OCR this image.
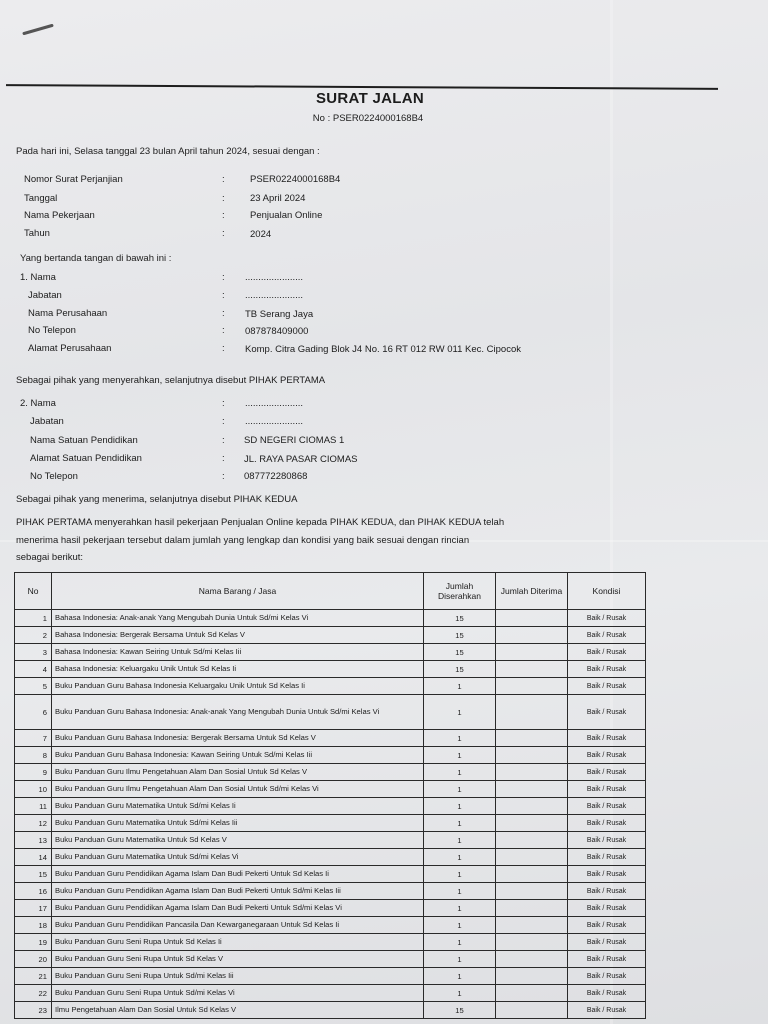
SURAT JALAN
No : PSER0224000168B4
Pada hari ini, Selasa tanggal 23 bulan April tahun 2024, sesuai dengan :
Nomor Surat Perjanjian	:	PSER0224000168B4
Tanggal	:	23 April 2024
Nama Pekerjaan	:	Penjualan Online
Tahun	:	2024
Yang bertanda tangan di bawah ini :
1. Nama	: ......................
Jabatan	: ......................
Nama Perusahaan	: TB Serang Jaya
No Telepon	: 087878409000
Alamat Perusahaan	: Komp. Citra Gading Blok J4 No. 16 RT 012 RW 011 Kec. Cipocok
Sebagai pihak yang menyerahkan, selanjutnya disebut PIHAK PERTAMA
2. Nama	: ......................
Jabatan	: ......................
Nama Satuan Pendidikan	: SD NEGERI CIOMAS 1
Alamat Satuan Pendidikan	: JL. RAYA PASAR CIOMAS
No Telepon	: 087772280868
Sebagai pihak yang menerima, selanjutnya disebut PIHAK KEDUA
PIHAK PERTAMA menyerahkan hasil pekerjaan Penjualan Online kepada PIHAK KEDUA, dan PIHAK KEDUA telah
menerima hasil pekerjaan tersebut dalam jumlah yang lengkap dan kondisi yang baik sesuai dengan rincian
sebagai berikut:
No	Nama Barang / Jasa	Jumlah Diserahkan	Jumlah Diterima	Kondisi
1	Bahasa Indonesia: Anak-anak Yang Mengubah Dunia Untuk Sd/mi Kelas Vi	15		Baik / Rusak
2	Bahasa Indonesia: Bergerak Bersama Untuk Sd Kelas V	15		Baik / Rusak
3	Bahasa Indonesia: Kawan Seiring Untuk Sd/mi Kelas Iii	15		Baik / Rusak
4	Bahasa Indonesia: Keluargaku Unik Untuk Sd Kelas Ii	15		Baik / Rusak
5	Buku Panduan Guru Bahasa Indonesia Keluargaku Unik Untuk Sd Kelas Ii	1		Baik / Rusak
6	Buku Panduan Guru Bahasa Indonesia: Anak-anak Yang Mengubah Dunia Untuk Sd/mi Kelas Vi	1		Baik / Rusak
7	Buku Panduan Guru Bahasa Indonesia: Bergerak Bersama Untuk Sd Kelas V	1		Baik / Rusak
8	Buku Panduan Guru Bahasa Indonesia: Kawan Seiring Untuk Sd/mi Kelas Iii	1		Baik / Rusak
9	Buku Panduan Guru Ilmu Pengetahuan Alam Dan Sosial Untuk Sd Kelas V	1		Baik / Rusak
10	Buku Panduan Guru Ilmu Pengetahuan Alam Dan Sosial Untuk Sd/mi Kelas Vi	1		Baik / Rusak
11	Buku Panduan Guru Matematika Untuk Sd/mi Kelas Ii	1		Baik / Rusak
12	Buku Panduan Guru Matematika Untuk Sd/mi Kelas Iii	1		Baik / Rusak
13	Buku Panduan Guru Matematika Untuk Sd Kelas V	1		Baik / Rusak
14	Buku Panduan Guru Matematika Untuk Sd/mi Kelas Vi	1		Baik / Rusak
15	Buku Panduan Guru Pendidikan Agama Islam Dan Budi Pekerti Untuk Sd Kelas Ii	1		Baik / Rusak
16	Buku Panduan Guru Pendidikan Agama Islam Dan Budi Pekerti Untuk Sd/mi Kelas Iii	1		Baik / Rusak
17	Buku Panduan Guru Pendidikan Agama Islam Dan Budi Pekerti Untuk Sd/mi Kelas Vi	1		Baik / Rusak
18	Buku Panduan Guru Pendidikan Pancasila Dan Kewarganegaraan Untuk Sd Kelas Ii	1		Baik / Rusak
19	Buku Panduan Guru Seni Rupa Untuk Sd Kelas Ii	1		Baik / Rusak
20	Buku Panduan Guru Seni Rupa Untuk Sd Kelas V	1		Baik / Rusak
21	Buku Panduan Guru Seni Rupa Untuk Sd/mi Kelas Iii	1		Baik / Rusak
22	Buku Panduan Guru Seni Rupa Untuk Sd/mi Kelas Vi	1		Baik / Rusak
23	Ilmu Pengetahuan Alam Dan Sosial Untuk Sd Kelas V	15		Baik / Rusak
